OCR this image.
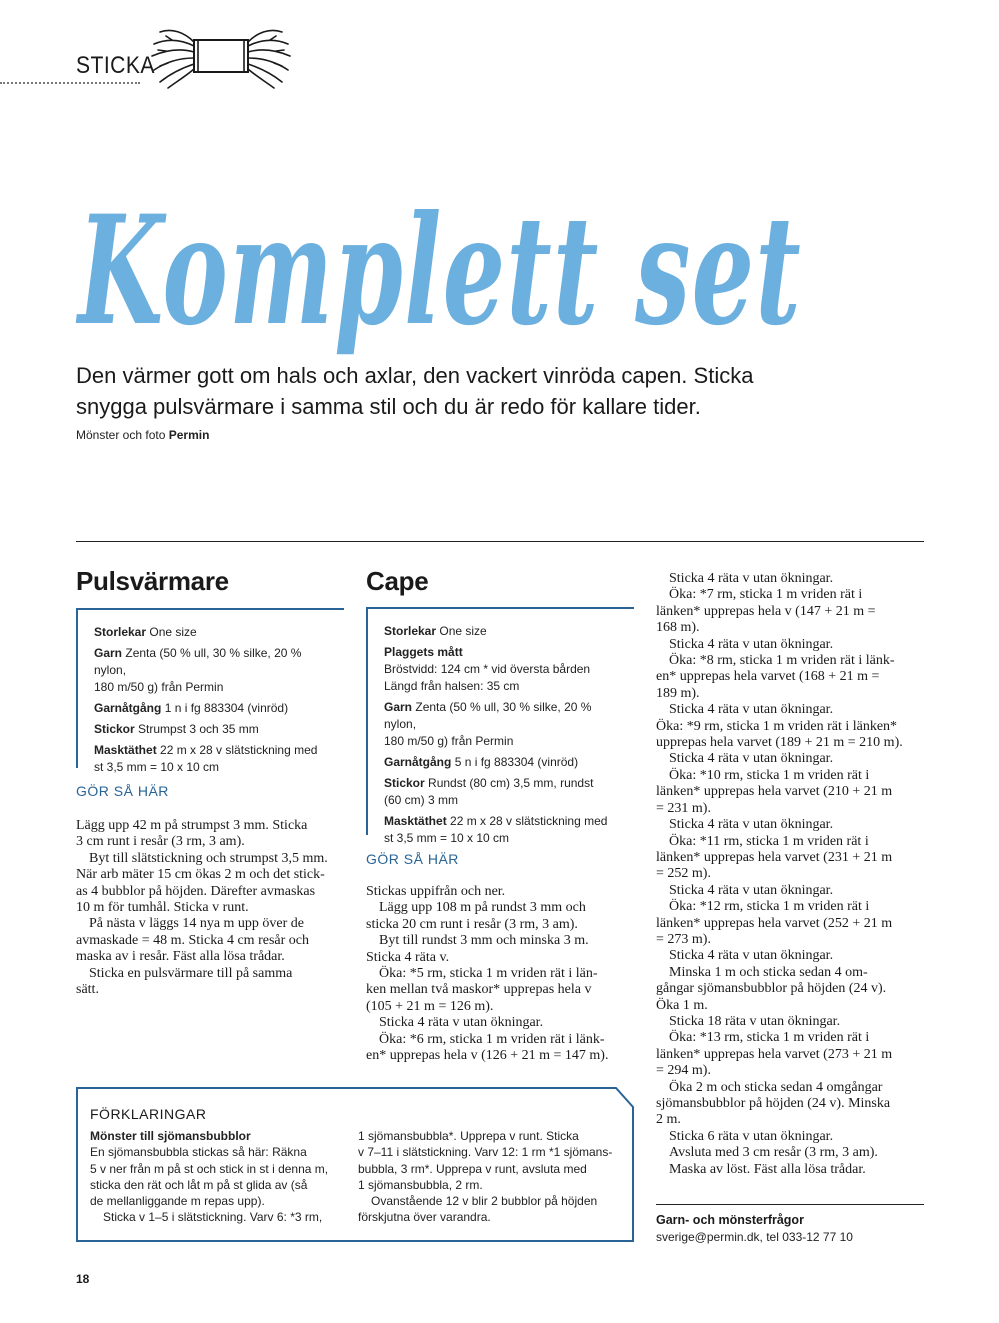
STICKA
Komplett set
Den värmer gott om hals och axlar, den vackert vinröda capen. Sticka
snygga pulsvärmare i samma stil och du är redo för kallare tider.
Mönster och foto Permin
Pulsvärmare
Storlekar One size
Garn Zenta (50 % ull, 30 % silke, 20 % nylon,
180 m/50 g) från Permin
Garnåtgång 1 n i fg 883304 (vinröd)
Stickor Strumpst 3 och 35 mm
Masktäthet 22 m x 28 v slätstickning med
st 3,5 mm = 10 x 10 cm
GÖR SÅ HÄR
Lägg upp 42 m på strumpst 3 mm. Sticka
3 cm runt i resår (3 rm, 3 am).
Byt till slätstickning och strumpst 3,5 mm.
När arb mäter 15 cm ökas 2 m och det stick-
as 4 bubblor på höjden. Därefter avmaskas
10 m för tumhål. Sticka v runt.
På nästa v läggs 14 nya m upp över de
avmaskade = 48 m. Sticka 4 cm resår och
maska av i resår. Fäst alla lösa trådar.
Sticka en pulsvärmare till på samma
sätt.
Cape
Storlekar One size
Plaggets mått
Bröstvidd: 124 cm * vid översta bården
Längd från halsen: 35 cm
Garn Zenta (50 % ull, 30 % silke, 20 % nylon,
180 m/50 g) från Permin
Garnåtgång 5 n i fg 883304 (vinröd)
Stickor Rundst (80 cm) 3,5 mm, rundst
(60 cm) 3 mm
Masktäthet 22 m x 28 v slätstickning med
st 3,5 mm = 10 x 10 cm
GÖR SÅ HÄR
Stickas uppifrån och ner.
Lägg upp 108 m på rundst 3 mm och
sticka 20 cm runt i resår (3 rm, 3 am).
Byt till rundst 3 mm och minska 3 m.
Sticka 4 räta v.
Öka: *5 rm, sticka 1 m vriden rät i län-
ken mellan två maskor* upprepas hela v
(105 + 21 m = 126 m).
Sticka 4 räta v utan ökningar.
Öka: *6 rm, sticka 1 m vriden rät i länk-
en* upprepas hela v (126 + 21 m = 147 m).
Sticka 4 räta v utan ökningar.
Öka: *7 rm, sticka 1 m vriden rät i
länken* upprepas hela v (147 + 21 m =
168 m).
Sticka 4 räta v utan ökningar.
Öka: *8 rm, sticka 1 m vriden rät i länk-
en* upprepas hela varvet (168 + 21 m =
189 m).
Sticka 4 räta v utan ökningar.
Öka: *9 rm, sticka 1 m vriden rät i länken*
upprepas hela varvet (189 + 21 m = 210 m).
Sticka 4 räta v utan ökningar.
Öka: *10 rm, sticka 1 m vriden rät i
länken* upprepas hela varvet (210 + 21 m
= 231 m).
Sticka 4 räta v utan ökningar.
Öka: *11 rm, sticka 1 m vriden rät i
länken* upprepas hela varvet (231 + 21 m
= 252 m).
Sticka 4 räta v utan ökningar.
Öka: *12 rm, sticka 1 m vriden rät i
länken* upprepas hela varvet (252 + 21 m
= 273 m).
Sticka 4 räta v utan ökningar.
Minska 1 m och sticka sedan 4 om-
gångar sjömansbubblor på höjden (24 v).
Öka 1 m.
Sticka 18 räta v utan ökningar.
Öka: *13 rm, sticka 1 m vriden rät i
länken* upprepas hela varvet (273 + 21 m
= 294 m).
Öka 2 m och sticka sedan 4 omgångar
sjömansbubblor på höjden (24 v). Minska
2 m.
Sticka 6 räta v utan ökningar.
Avsluta med 3 cm resår (3 rm, 3 am).
Maska av löst. Fäst alla lösa trådar.
FÖRKLARINGAR
Mönster till sjömansbubblor
En sjömansbubbla stickas så här: Räkna
5 v ner från m på st och stick in st i denna m,
sticka den rät och låt m på st glida av (så
de mellanliggande m repas upp).
Sticka v 1–5 i slätstickning. Varv 6: *3 rm,
1 sjömansbubbla*. Upprepa v runt. Sticka
v 7–11 i slätstickning. Varv 12: 1 rm *1 sjömans-
bubbla, 3 rm*. Upprepa v runt, avsluta med
1 sjömansbubbla, 2 rm.
Ovanstående 12 v blir 2 bubblor på höjden
förskjutna över varandra.	Garn- och mönsterfrågor
sverige@permin.dk, tel 033-12 77 10
18
